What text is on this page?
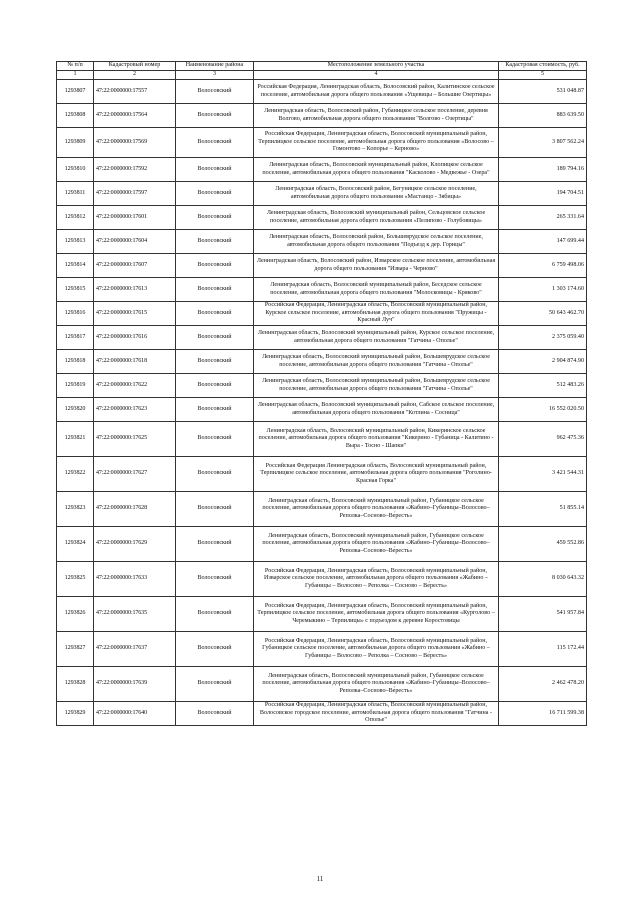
№ п/п	Кадастровый номер	Наименование района	Местоположение земельного участка	Кадастровая стоимость, руб.
1	2	3	4	5
1293807	47:22:0000000:17557	Волосовский	Российская Федерация, Ленинградская область, Волосовский район, Калитинское сельское поселение, автомобильная дорога общего пользования «Ущевицы – Большие Озертицы»	531 048.87
1293808	47:22:0000000:17564	Волосовский	Ленинградская область, Волосовский район, Губаницкое сельское поселение, деревня Волгово, автомобильная дорога общего пользования "Волгово - Озертицы"	883 639.50
1293809	47:22:0000000:17569	Волосовский	Российская Федерация, Ленинградская область, Волосовский муниципальный район, Терпилицкое сельское поселение, автомобильная дорога общего пользования «Волосово – Гомонтово – Копорье – Керново»	3 807 562.24
1293810	47:22:0000000:17592	Волосовский	Ленинградская область, Волосовский муниципальный район, Клопицкое сельское поселение, автомобильная дорога общего пользования "Касколово - Медвежье - Озера"	189 794.16
1293811	47:22:0000000:17597	Волосовский	Ленинградская область, Волосовский район, Бегуницкое сельское поселение, автомобильная дорога общего пользования «Мастанцо - Зябицы»	194 704.51
1293812	47:22:0000000:17601	Волосовский	Ленинградская область, Волосовский муниципальный район, Сельцовское сельское поселение, автомобильная дорога общего пользования «Пелипово - Голубовицы»	265 331.64
1293813	47:22:0000000:17604	Волосовский	Ленинградская область, Волосовский район, Большеврудское сельское поселение, автомобильная дорога общего пользования "Подъезд к дер. Горицы"	147 699.44
1293814	47:22:0000000:17607	Волосовский	Ленинградская область, Волосовский район, Изварское сельское поселение, автомобильная дорога общего пользования "Извара - Черново"	6 759 498.06
1293815	47:22:0000000:17613	Волосовский	Ленинградская область, Волосовский муниципальный район, Беседское сельское поселение, автомобильная дорога общего пользования "Молосковицы - Кряково"	1 303 174.60
1293816	47:22:0000000:17615	Волосовский	Российская Федерация, Ленинградская область, Волосовский муниципальный район, Курское сельское поселение, автомобильная дорога общего пользования "Пружицы - Красный Луч"	50 643 462.70
1293817	47:22:0000000:17616	Волосовский	Ленинградская область, Волосовский муниципальный район, Курское сельское поселение, автомобильная дорога общего пользования "Гатчина - Ополье"	2 375 059.40
1293818	47:22:0000000:17618	Волосовский	Ленинградская область, Волосовский муниципальный район, Большеврудское сельское поселение, автомобильная дорога общего пользования "Гатчина - Ополье"	2 904 874.90
1293819	47:22:0000000:17622	Волосовский	Ленинградская область, Волосовский муниципальный район, Большеврудское сельское поселение, автомобильная дорога общего пользования "Гатчина - Ополье"	512 483.26
1293820	47:22:0000000:17623	Волосовский	Ленинградская область, Волосовский муниципальный район, Сабское сельское поселение, автомобильная дорога общего пользования "Котлина - Сосница"	16 552 020.50
1293821	47:22:0000000:17625	Волосовский	Ленинградская область, Волосовский муниципальный район, Кикеринское сельское поселение, автомобильная дорога общего пользования "Кикерино - Губаница - Калитино - Выра - Тосно - Шапки"	962 475.36
1293822	47:22:0000000:17627	Волосовский	Российская Федерация Ленинградская область, Волосовский муниципальный район, Терпилицкое сельское поселение, автомобильная дорога общего пользования "Роголино-Красная Горка"	3 421 544.31
1293823	47:22:0000000:17628	Волосовский	Ленинградская область, Волосовский муниципальный район, Губаницкое сельское поселение, автомобильная дорога общего пользования «Жабино–Губаницы–Волосово–Реполка–Сосново–Ве́ресть»	51 855.14
1293824	47:22:0000000:17629	Волосовский	Ленинградская область, Волосовский муниципальный район, Губаницкое сельское поселение, автомобильная дорога общего пользования «Жабино–Губаницы–Волосово–Реполка–Сосново–Ве́ресть»	459 552.86
1293825	47:22:0000000:17633	Волосовский	Российская Федерация, Ленинградская область, Волосовский муниципальный район, Изварское сельское поселение, автомобильная дорога общего пользования «Жабино – Губаницы – Волосово – Реполка – Сосново – Ве́ресть»	8 030 643.32
1293826	47:22:0000000:17635	Волосовский	Российская Федерация, Ленинградская область, Волосовский муниципальный район, Терпилицкое сельское поселение, автомобильная дорога общего пользования «Курголово – Черемыкино – Терпилицы» с подъездом к деревне Коростовицы	541 957.84
1293827	47:22:0000000:17637	Волосовский	Российская Федерация, Ленинградская область, Волосовский муниципальный район, Губаницкое сельское поселение, автомобильная дорога общего пользования «Жабино – Губаницы – Волосово – Реполка – Сосново – Ве́ресть»	115 172.44
1293828	47:22:0000000:17639	Волосовский	Ленинградская область, Волосовский муниципальный район, Губаницкое сельское поселение, автомобильная дорога общего пользования «Жабино–Губаницы–Волосово–Реполка–Сосново–Ве́ресть»	2 462 478.20
1293829	47:22:0000000:17640	Волосовский	Российская Федерация, Ленинградская область, Волосовский муниципальный район, Волосовское городское поселение, автомобильная дорога общего пользования "Гатчина - Ополье"	16 711 599.38
11
